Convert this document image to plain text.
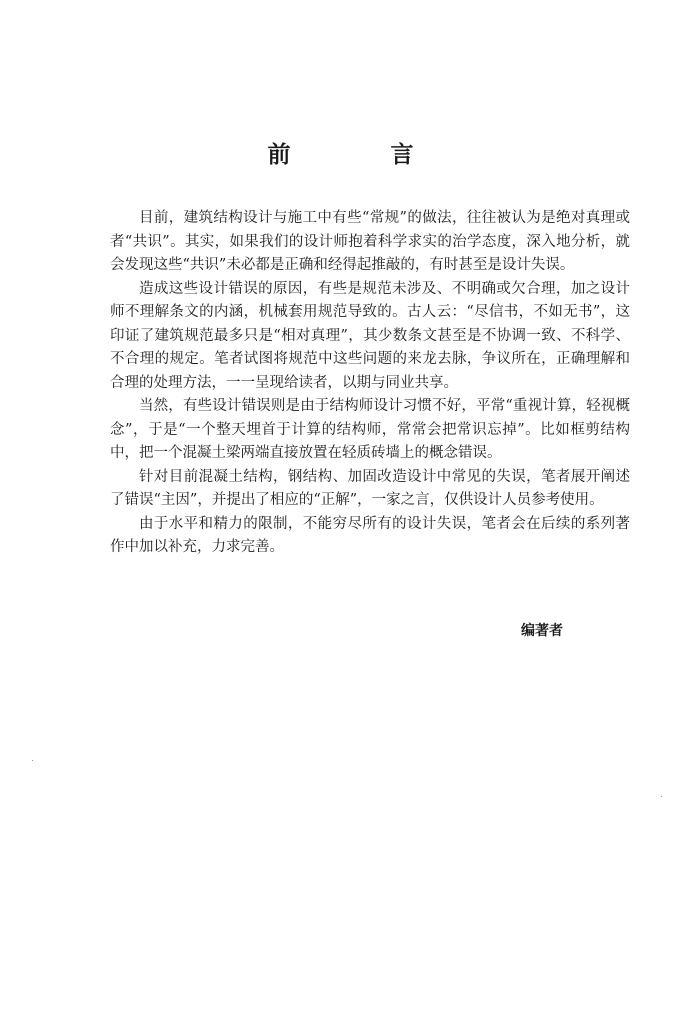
前 言

目前，建筑结构设计与施工中有些“常规”的做法，往往被认为是绝对真理或者“共识”。其实，如果我们的设计师抱着科学求实的治学态度，深入地分析，就会发现这些“共识”未必都是正确和经得起推敲的，有时甚至是设计失误。

造成这些设计错误的原因，有些是规范未涉及、不明确或欠合理，加之设计师不理解条文的内涵，机械套用规范导致的。古人云：“尽信书，不如无书”，这印证了建筑规范最多只是“相对真理”，其少数条文甚至是不协调一致、不科学、不合理的规定。笔者试图将规范中这些问题的来龙去脉，争议所在，正确理解和合理的处理方法，一一呈现给读者，以期与同业共享。

当然，有些设计错误则是由于结构师设计习惯不好，平常“重视计算，轻视概念”，于是“一个整天埋首于计算的结构师，常常会把常识忘掉”。比如框剪结构中，把一个混凝土梁两端直接放置在轻质砖墙上的概念错误。

针对目前混凝土结构，钢结构、加固改造设计中常见的失误，笔者展开阐述了错误“主因”，并提出了相应的“正解”，一家之言，仅供设计人员参考使用。

由于水平和精力的限制，不能穷尽所有的设计失误，笔者会在后续的系列著作中加以补充，力求完善。

编著者
